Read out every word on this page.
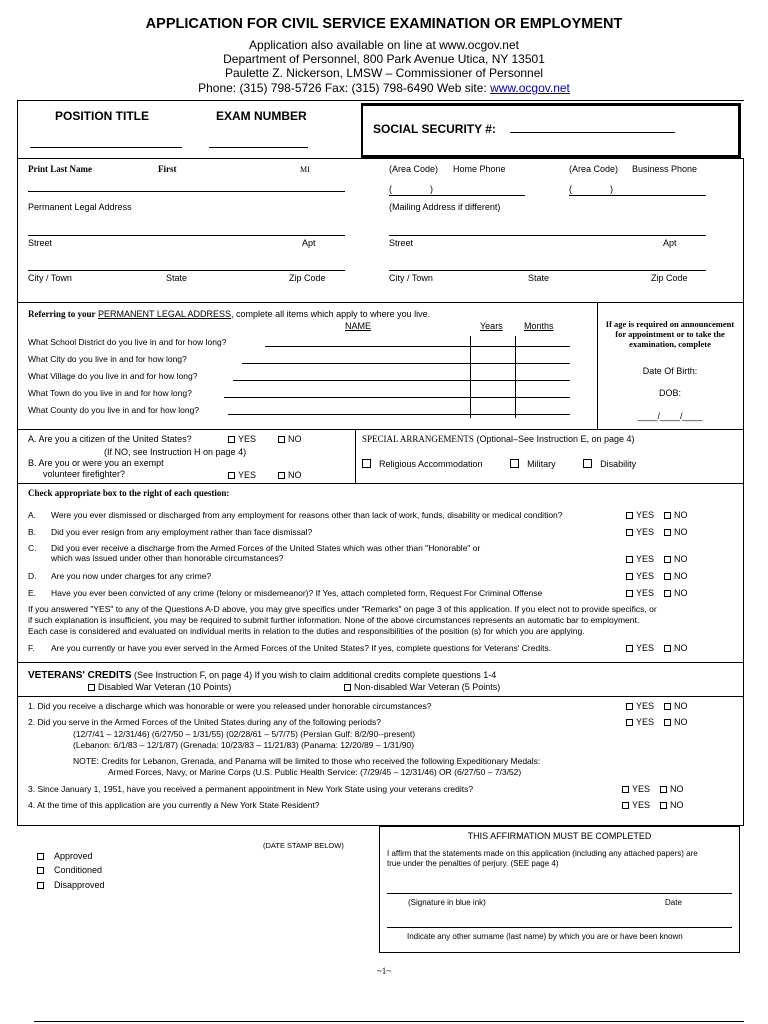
APPLICATION FOR CIVIL SERVICE EXAMINATION OR EMPLOYMENT
Application also available on line at www.ocgov.net
Department of Personnel, 800 Park Avenue Utica, NY 13501
Paulette Z. Nickerson, LMSW – Commissioner of Personnel
Phone: (315) 798-5726 Fax: (315) 798-6490 Web site: www.ocgov.net
POSITION TITLE	EXAM NUMBER
SOCIAL SECURITY #:
Print Last Name	First	MI	(Area Code) Home Phone
(	)
(Area Code) Business Phone
(	)
Permanent Legal Address	(Mailing Address if different)
Street	Apt	Street	Apt
City / Town	State	Zip Code	City / Town	State	Zip Code
Referring to your PERMANENT LEGAL ADDRESS, complete all items which apply to where you live.
NAME	Years Months
What School District do you live in and for how long?
What City do you live in and for how long?
What Village do you live in and for how long?
What Town do you live in and for how long?
What County do you live in and for how long?
If age is required on announcement for appointment or to take the examination, complete
Date Of Birth:
DOB:
____/____/____
A. Are you a citizen of the United States?	YES	NO
(If NO, see Instruction H on page 4)
B. Are you or were you an exempt
volunteer firefighter?	YES	NO
SPECIAL ARRANGEMENTS (Optional–See Instruction E, on page 4)
Religious Accommodation	Military	Disability
Check appropriate box to the right of each question:
A. Were you ever dismissed or discharged from any employment for reasons other than lack of work, funds, disability or medical condition?	YES NO
B. Did you ever resign from any employment rather than face dismissal?	YES NO
C. Did you ever receive a discharge from the Armed Forces of the United States which was other than "Honorable" or
which was issued under other than honorable circumstances?	YES NO
D. Are you now under charges for any crime?	YES NO
E. Have you ever been convicted of any crime (felony or misdemeanor)? If Yes, attach completed form, Request For Criminal Offense	YES NO
If you answered "YES" to any of the Questions A-D above, you may give specifics under "Remarks" on page 3 of this application. If you elect not to provide specifics, or
if such explanation is insufficient, you may be required to submit further information. None of the above circumstances represents an automatic bar to employment.
Each case is considered and evaluated on individual merits in relation to the duties and responsibilities of the position (s) for which you are applying.
F. Are you currently or have you ever served in the Armed Forces of the United States? If yes, complete questions for Veterans' Credits.	YES NO
VETERANS' CREDITS (See Instruction F, on page 4) If you wish to claim additional credits complete questions 1-4
Disabled War Veteran (10 Points)	Non-disabled War Veteran (5 Points)
1. Did you receive a discharge which was honorable or were you released under honorable circumstances?	YES NO
2. Did you serve in the Armed Forces of the United States during any of the following periods?	YES NO
(12/7/41 – 12/31/46) (6/27/50 – 1/31/55) (02/28/61 – 5/7/75) (Persian Gulf: 8/2/90--present)
(Lebanon: 6/1/83 – 12/1/87) (Grenada: 10/23/83 – 11/21/83) (Panama: 12/20/89 – 1/31/90)
NOTE: Credits for Lebanon, Grenada, and Panama will be limited to those who received the following Expeditionary Medals:
Armed Forces, Navy, or Marine Corps (U.S. Public Health Service: (7/29/45 – 12/31/46) OR (6/27/50 – 7/3/52)
3. Since January 1, 1951, have you received a permanent appointment in New York State using your veterans credits?	YES NO
4. At the time of this application are you currently a New York State Resident?	YES NO
(DATE STAMP BELOW)
Approved
Conditioned
Disapproved
THIS AFFIRMATION MUST BE COMPLETED
I affirm that the statements made on this application (including any attached papers) are
true under the penalties of perjury. (SEE page 4)
(Signature in blue ink)	Date
Indicate any other surname (last name) by which you are or have been known
~1~
